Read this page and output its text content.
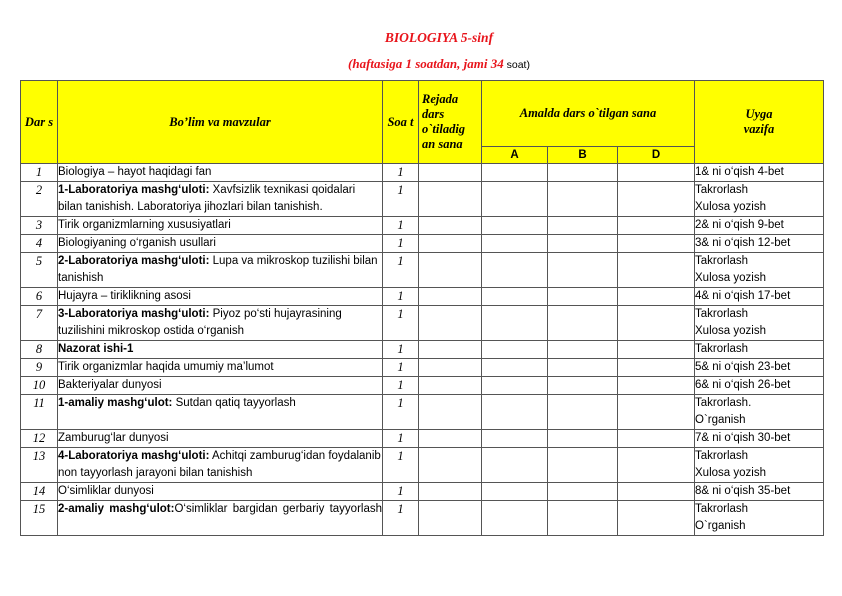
BIOLOGIYA 5-sinf
(haftasiga 1 soatdan, jami 34 soat)
Dar s	Bo’lim va mavzular	Soa t	Rejada dars o`tiladig an sana	Amalda dars o`tilgan sana			Uyga vazifa
				A	B	D	
1	Biologiya – hayot haqidagi fan	1					1& ni o‘qish 4-bet

2	1-Laboratoriya mashg‘uloti: Xavfsizlik texnikasi qoidalari bilan tanishish. Laboratoriya jihozlari bilan tanishish.	1					Takrorlash
Xulosa yozish

3	Tirik organizmlarning xususiyatlari	1					2& ni o‘qish 9-bet

4	Biologiyaning o‘rganish usullari	1					3& ni o‘qish 12-bet

5	2-Laboratoriya mashg‘uloti: Lupa va mikroskop tuzilishi bilan tanishish	1					Takrorlash
Xulosa yozish

6	Hujayra – tiriklikning asosi	1					4& ni o‘qish 17-bet

7	3-Laboratoriya mashg‘uloti: Piyoz po‘sti hujayrasining tuzilishini mikroskop ostida o‘rganish	1					Takrorlash
Xulosa yozish

8	Nazorat ishi-1	1					Takrorlash

9	Tirik organizmlar haqida umumiy ma’lumot	1					5& ni o‘qish 23-bet

10	Bakteriyalar dunyosi	1					6& ni o‘qish 26-bet

11	1-amaliy mashg‘ulot: Sutdan qatiq tayyorlash	1					Takrorlash.
O`rganish

12	Zamburug‘lar dunyosi	1					7& ni o‘qish 30-bet

13	4-Laboratoriya mashg‘uloti: Achitqi zamburug‘idan foydalanib non tayyorlash jarayoni bilan tanishish	1					Takrorlash
Xulosa yozish

14	O‘simliklar dunyosi	1					8& ni o‘qish 35-bet

15	2-amaliy mashg‘ulot:O‘simliklar bargidan gerbariy tayyorlash	1					Takrorlash
O`rganish
